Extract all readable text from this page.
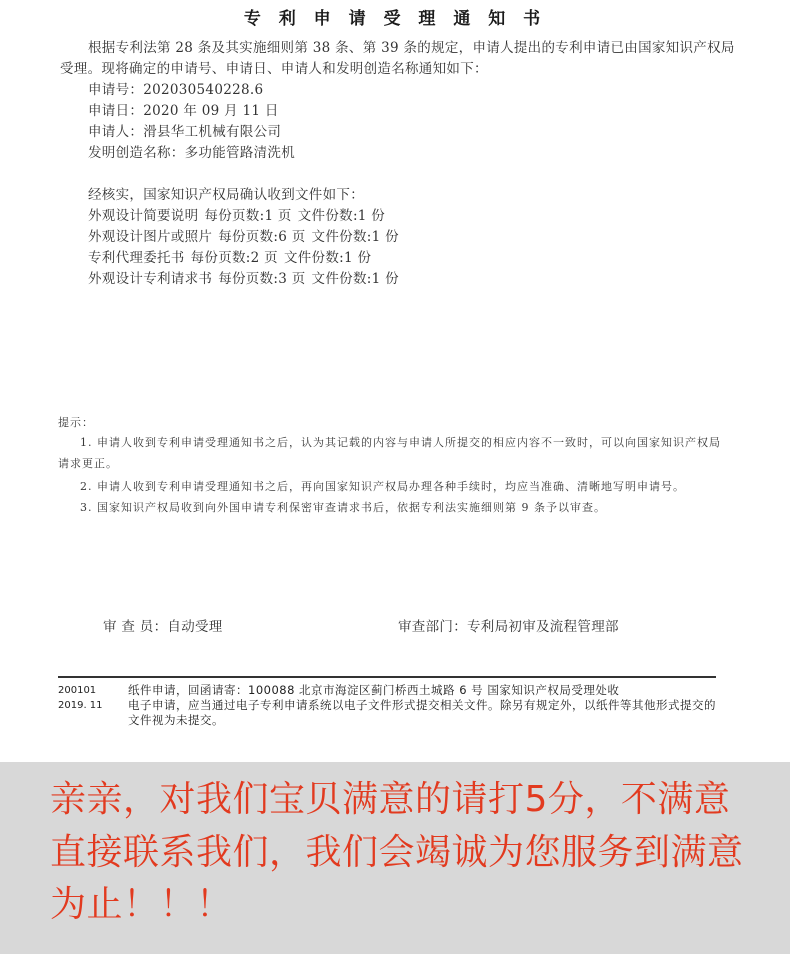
专 利 申 请 受 理 通 知 书
根据专利法第 28 条及其实施细则第 38 条、第 39 条的规定，申请人提出的专利申请已由国家知识产权局
受理。现将确定的申请号、申请日、申请人和发明创造名称通知如下：
申请号：202030540228.6
申请日：2020 年 09 月 11 日
申请人：滑县华工机械有限公司
发明创造名称：多功能管路清洗机
经核实，国家知识产权局确认收到文件如下：
外观设计简要说明 每份页数:1 页 文件份数:1 份
外观设计图片或照片 每份页数:6 页 文件份数:1 份
专利代理委托书 每份页数:2 页 文件份数:1 份
外观设计专利请求书 每份页数:3 页 文件份数:1 份
提示：
1. 申请人收到专利申请受理通知书之后，认为其记载的内容与申请人所提交的相应内容不一致时，可以向国家知识产权局
请求更正。
2. 申请人收到专利申请受理通知书之后，再向国家知识产权局办理各种手续时，均应当准确、清晰地写明申请号。
3. 国家知识产权局收到向外国申请专利保密审查请求书后，依据专利法实施细则第 9 条予以审查。
审 查 员：自动受理	审查部门：专利局初审及流程管理部
200101
2019. 11
纸件申请，回函请寄：100088 北京市海淀区蓟门桥西土城路 6 号 国家知识产权局受理处收
电子申请，应当通过电子专利申请系统以电子文件形式提交相关文件。除另有规定外，以纸件等其他形式提交的
文件视为未提交。
亲亲，对我们宝贝满意的请打5分，不满意
直接联系我们，我们会竭诚为您服务到满意
为止！！！
